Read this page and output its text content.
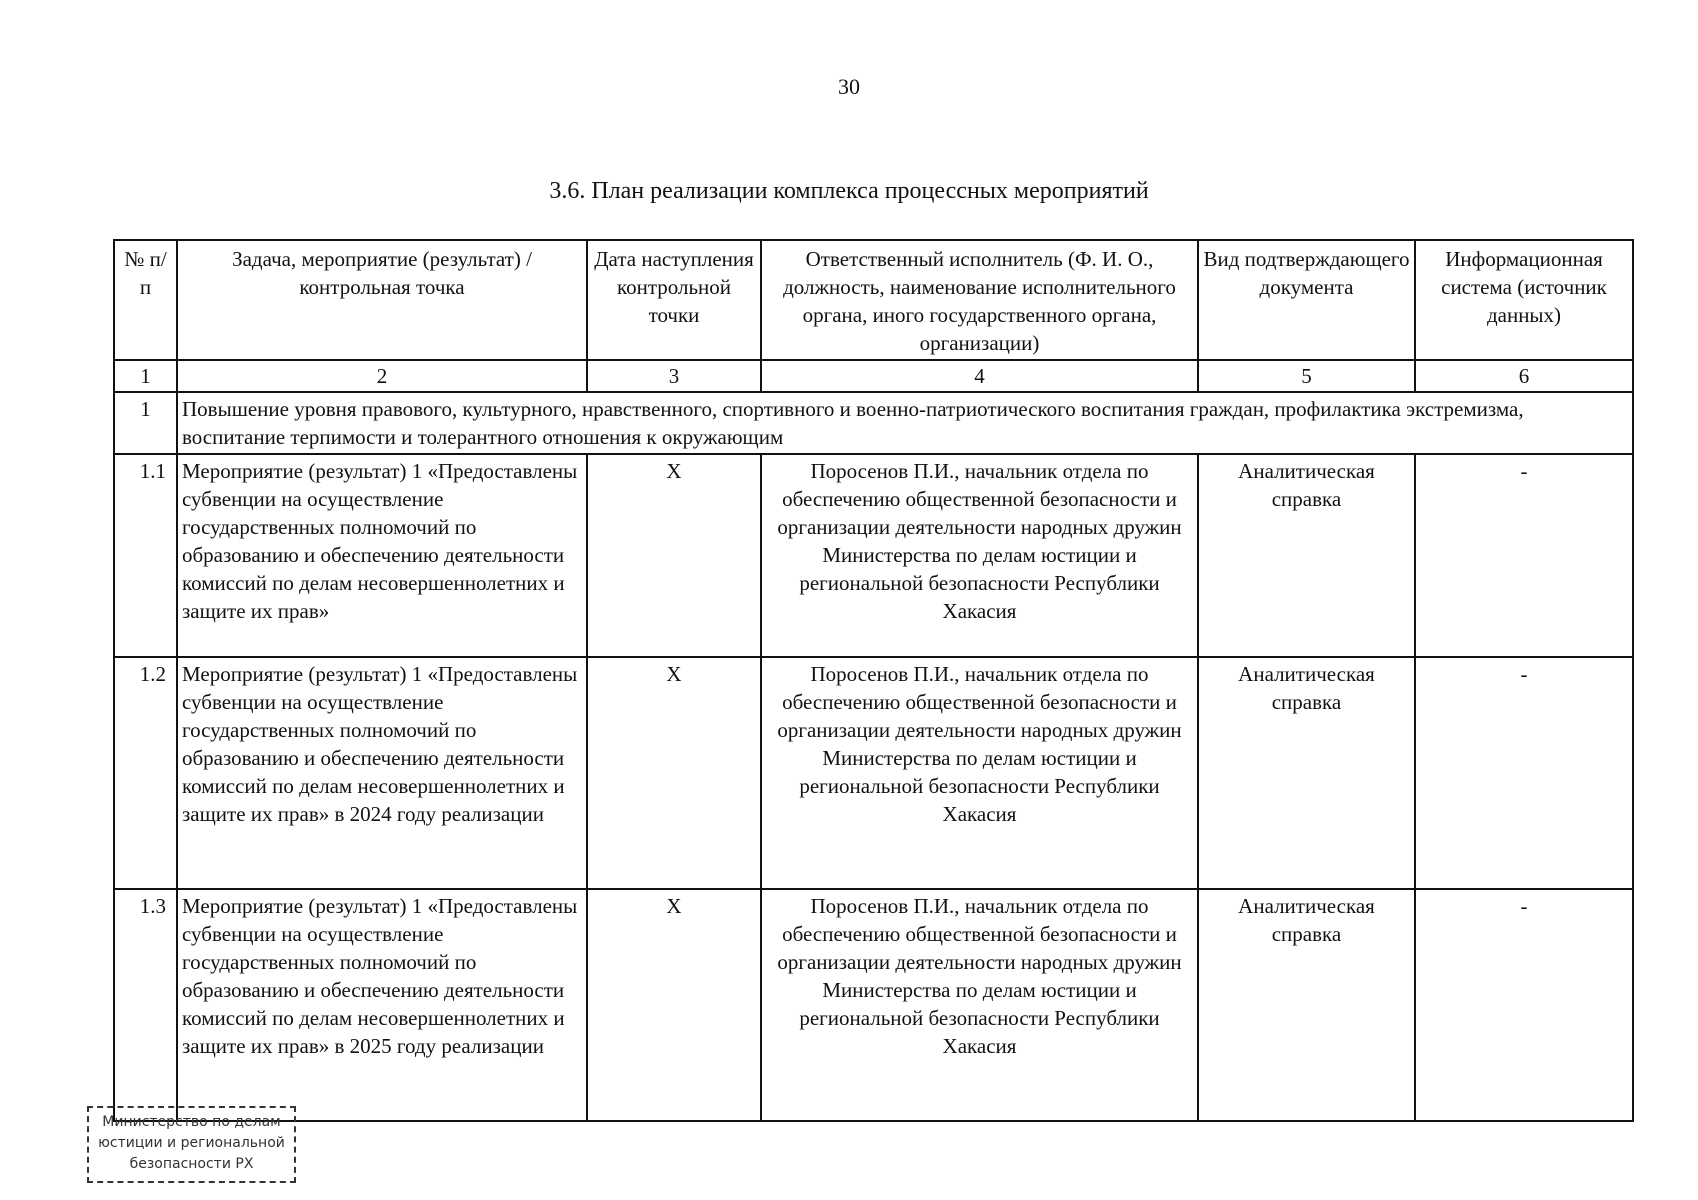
30
3.6. План реализации комплекса процессных мероприятий
№ п/п	Задача, мероприятие (результат) / контрольная точка	Дата наступления контрольной точки	Ответственный исполнитель (Ф. И. О., должность, наименование исполнительного органа, иного государственного органа, организации)	Вид подтверждающего документа	Информационная система (источник данных)
1	2	3	4	5	6
1	Повышение уровня правового, культурного, нравственного, спортивного и военно-патриотического воспитания граждан, профилактика экстремизма, воспитание терпимости и толерантного отношения к окружающим				
1.1	Мероприятие (результат) 1 «Предоставлены субвенции на осуществление государственных полномочий по образованию и обеспечению деятельности комиссий по делам несовершеннолетних и защите их прав»	Х	Поросенов П.И., начальник отдела по обеспечению общественной безопасности и организации деятельности народных дружин Министерства по делам юстиции и региональной безопасности Республики Хакасия	Аналитическая справка	-
1.2	Мероприятие (результат) 1 «Предоставлены субвенции на осуществление государственных полномочий по образованию и обеспечению деятельности комиссий по делам несовершеннолетних и защите их прав» в 2024 году реализации	Х	Поросенов П.И., начальник отдела по обеспечению общественной безопасности и организации деятельности народных дружин Министерства по делам юстиции и региональной безопасности Республики Хакасия	Аналитическая справка	-
1.3	Мероприятие (результат) 1 «Предоставлены субвенции на осуществление государственных полномочий по образованию и обеспечению деятельности комиссий по делам несовершеннолетних и защите их прав» в 2025 году реализации	Х	Поросенов П.И., начальник отдела по обеспечению общественной безопасности и организации деятельности народных дружин Министерства по делам юстиции и региональной безопасности Республики Хакасия	Аналитическая справка	-
Министерство по делам
юстиции и региональной
безопасности РХ
